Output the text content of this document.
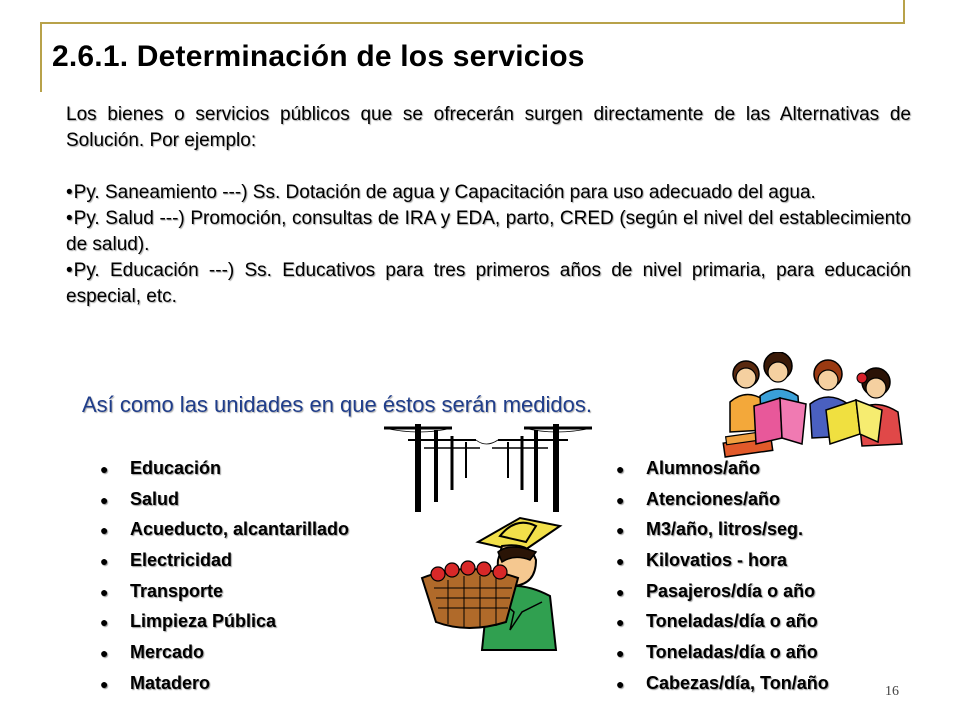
2.6.1. Determinación de los servicios

Los bienes o servicios públicos que se ofrecerán surgen directamente de las Alternativas de Solución. Por ejemplo:

•Py. Saneamiento ---) Ss. Dotación de agua y Capacitación para uso adecuado del agua.

•Py. Salud ---) Promoción, consultas de IRA y EDA, parto, CRED (según el nivel del establecimiento de salud).

•Py. Educación ---) Ss. Educativos para tres primeros años de nivel primaria, para educación especial, etc.

Así como las unidades en que éstos serán medidos.
● Educación
● Salud
● Acueducto, alcantarillado
● Electricidad
● Transporte
● Limpieza Pública
● Mercado
● Matadero
● Alumnos/año
● Atenciones/año
● M3/año, litros/seg.
● Kilovatios - hora
● Pasajeros/día o año
● Toneladas/día o año
● Toneladas/día o año
● Cabezas/día, Ton/año	16
